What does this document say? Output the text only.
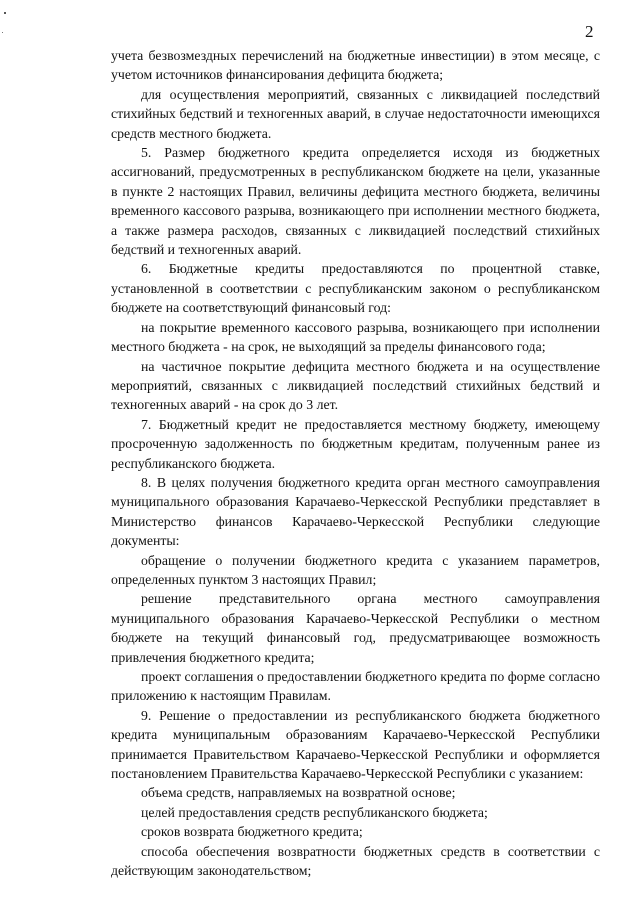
2

учета безвозмездных перечислений на бюджетные инвестиции) в этом месяце, с учетом источников финансирования дефицита бюджета;

для осуществления мероприятий, связанных с ликвидацией последствий стихийных бедствий и техногенных аварий, в случае недостаточности имеющихся средств местного бюджета.

5. Размер бюджетного кредита определяется исходя из бюджетных ассигнований, предусмотренных в республиканском бюджете на цели, указанные в пункте 2 настоящих Правил, величины дефицита местного бюджета, величины временного кассового разрыва, возникающего при исполнении местного бюджета, а также размера расходов, связанных с ликвидацией последствий стихийных бедствий и техногенных аварий.

6. Бюджетные кредиты предоставляются по процентной ставке, установленной в соответствии с республиканским законом о республиканском бюджете на соответствующий финансовый год:

на покрытие временного кассового разрыва, возникающего при исполнении местного бюджета - на срок, не выходящий за пределы финансового года;

на частичное покрытие дефицита местного бюджета и на осуществление мероприятий, связанных с ликвидацией последствий стихийных бедствий и техногенных аварий - на срок до 3 лет.

7. Бюджетный кредит не предоставляется местному бюджету, имеющему просроченную задолженность по бюджетным кредитам, полученным ранее из республиканского бюджета.

8. В целях получения бюджетного кредита орган местного самоуправления муниципального образования Карачаево-Черкесской Республики представляет в Министерство финансов Карачаево-Черкесской Республики следующие документы:

обращение о получении бюджетного кредита с указанием параметров, определенных пунктом 3 настоящих Правил;

решение представительного органа местного самоуправления муниципального образования Карачаево-Черкесской Республики о местном бюджете на текущий финансовый год, предусматривающее возможность привлечения бюджетного кредита;

проект соглашения о предоставлении бюджетного кредита по форме согласно приложению к настоящим Правилам.

9. Решение о предоставлении из республиканского бюджета бюджетного кредита муниципальным образованиям Карачаево-Черкесской Республики принимается Правительством Карачаево-Черкесской Республики и оформляется постановлением Правительства Карачаево-Черкесской Республики с указанием:

объема средств, направляемых на возвратной основе;

целей предоставления средств республиканского бюджета;

сроков возврата бюджетного кредита;

способа обеспечения возвратности бюджетных средств в соответствии с действующим законодательством;
